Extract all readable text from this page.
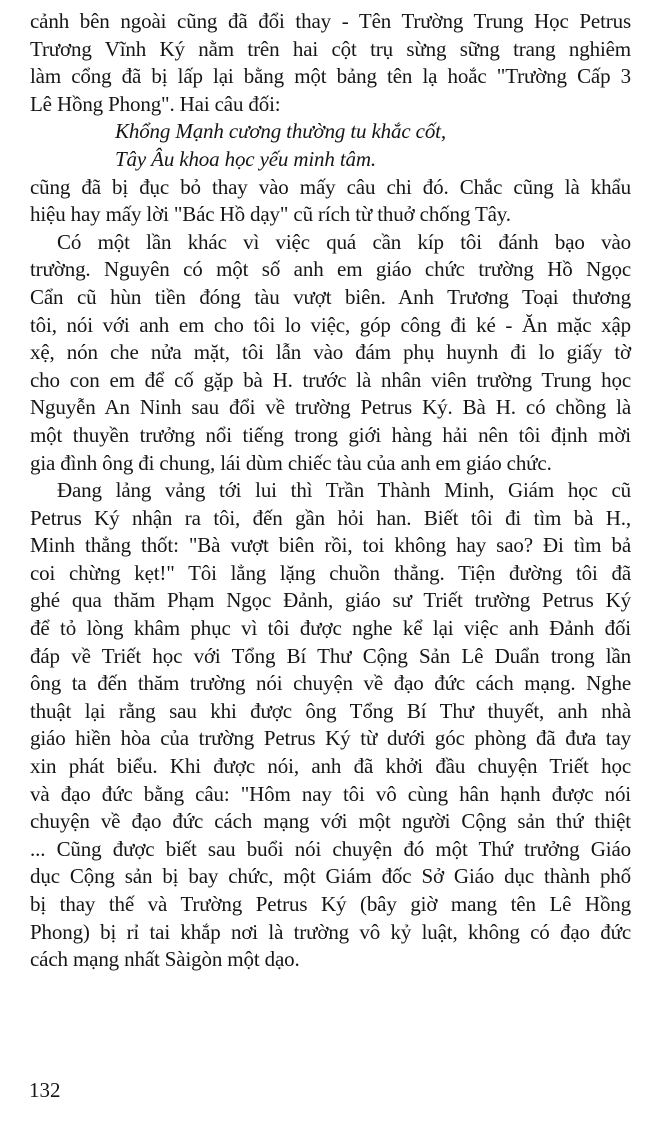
cảnh bên ngoài cũng đã đổi thay - Tên Trường Trung Học Petrus
Trương Vĩnh Ký nằm trên hai cột trụ sừng sững trang nghiêm
làm cổng đã bị lấp lại bằng một bảng tên lạ hoắc "Trường Cấp 3
Lê Hồng Phong". Hai câu đối:
Khổng Mạnh cương thường tu khắc cốt,
Tây Âu khoa học yếu minh tâm.
cũng đã bị đục bỏ thay vào mấy câu chi đó. Chắc cũng là khẩu
hiệu hay mấy lời "Bác Hồ dạy" cũ rích từ thuở chống Tây.
Có một lần khác vì việc quá cần kíp tôi đánh bạo vào
trường. Nguyên có một số anh em giáo chức trường Hồ Ngọc
Cẩn cũ hùn tiền đóng tàu vượt biên. Anh Trương Toại thương
tôi, nói với anh em cho tôi lo việc, góp công đi ké - Ăn mặc xập
xệ, nón che nửa mặt, tôi lẫn vào đám phụ huynh đi lo giấy tờ
cho con em để cố gặp bà H. trước là nhân viên trường Trung học
Nguyễn An Ninh sau đổi về trường Petrus Ký. Bà H. có chồng là
một thuyền trưởng nổi tiếng trong giới hàng hải nên tôi định mời
gia đình ông đi chung, lái dùm chiếc tàu của anh em giáo chức.
Đang lảng vảng tới lui thì Trần Thành Minh, Giám học cũ
Petrus Ký nhận ra tôi, đến gần hỏi han. Biết tôi đi tìm bà H.,
Minh thẳng thốt: "Bà vượt biên rồi, toi không hay sao? Đi tìm bả
coi chừng kẹt!" Tôi lẳng lặng chuồn thẳng. Tiện đường tôi đã
ghé qua thăm Phạm Ngọc Đảnh, giáo sư Triết trường Petrus Ký
để tỏ lòng khâm phục vì tôi được nghe kể lại việc anh Đảnh đối
đáp về Triết học với Tổng Bí Thư Cộng Sản Lê Duẩn trong lần
ông ta đến thăm trường nói chuyện về đạo đức cách mạng. Nghe
thuật lại rằng sau khi được ông Tổng Bí Thư thuyết, anh nhà
giáo hiền hòa của trường Petrus Ký từ dưới góc phòng đã đưa tay
xin phát biểu. Khi được nói, anh đã khởi đầu chuyện Triết học
và đạo đức bằng câu: "Hôm nay tôi vô cùng hân hạnh được nói
chuyện về đạo đức cách mạng với một người Cộng sản thứ thiệt
... Cũng được biết sau buổi nói chuyện đó một Thứ trưởng Giáo
dục Cộng sản bị bay chức, một Giám đốc Sở Giáo dục thành phố
bị thay thế và Trường Petrus Ký (bây giờ mang tên Lê Hồng
Phong) bị rỉ tai khắp nơi là trường vô kỷ luật, không có đạo đức
cách mạng nhất Sàigòn một dạo.
132
